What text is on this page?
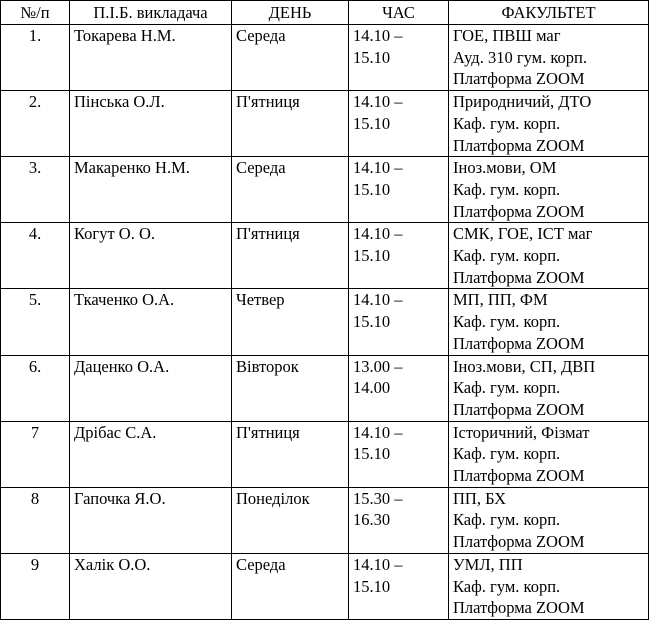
№/п	П.І.Б. викладача	ДЕНЬ	ЧАС	ФАКУЛЬТЕТ
1.	Токарева Н.М.	Середа	14.10 –
15.10	ГОЕ, ПВШ маг
Ауд. 310 гум. корп.
Платформа ZOOM

2.	Пінська О.Л.	П'ятниця	14.10 –
15.10	Природничий, ДТО
Каф. гум. корп.
Платформа ZOOM

3.	Макаренко Н.М.	Середа	14.10 –
15.10	Іноз.мови, ОМ
Каф. гум. корп.
Платформа ZOOM

4.	Когут О. О.	П'ятниця	14.10 –
15.10	СМК, ГОЕ, ІСТ маг
Каф. гум. корп.
Платформа ZOOM

5.	Ткаченко О.А.	Четвер	14.10 –
15.10	МП, ПП, ФМ
Каф. гум. корп.
Платформа ZOOM

6.	Даценко О.А.	Вівторок	13.00 –
14.00	Іноз.мови, СП, ДВП
Каф. гум. корп.
Платформа ZOOM

7	Дрібас С.А.	П'ятниця	14.10 –
15.10	Історичний, Фізмат
Каф. гум. корп.
Платформа ZOOM

8	Гапочка Я.О.	Понеділок	15.30 –
16.30	ПП, БХ
Каф. гум. корп.
Платформа ZOOM

9	Халік О.О.	Середа	14.10 –
15.10	УМЛ, ПП
Каф. гум. корп.
Платформа ZOOM
